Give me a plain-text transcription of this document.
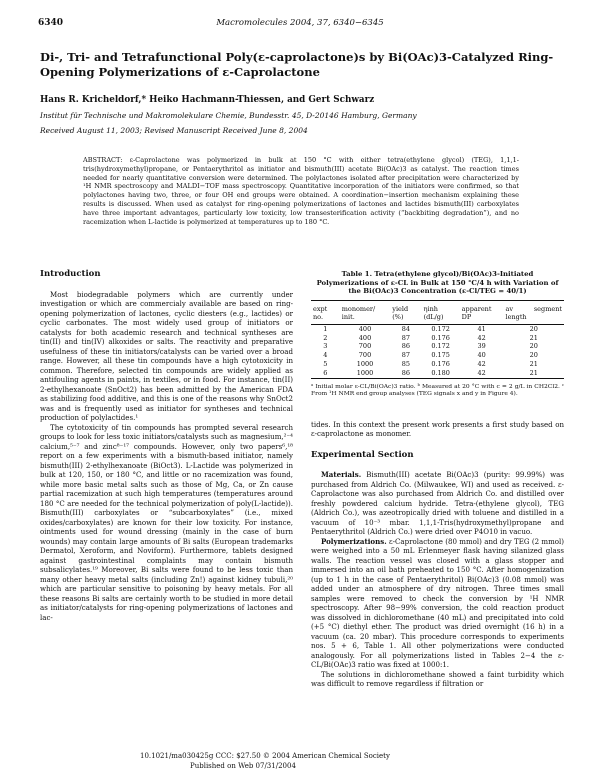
6340	Macromolecules 2004, 37, 6340−6345
Di-, Tri- and Tetrafunctional Poly(ε-caprolactone)s by Bi(OAc)3-Catalyzed Ring-Opening Polymerizations of ε-Caprolactone

Hans R. Kricheldorf,* Heiko Hachmann-Thiessen, and Gert Schwarz

Institut für Technische und Makromolekulare Chemie, Bundesstr. 45, D-20146 Hamburg, Germany

Received August 11, 2003; Revised Manuscript Received June 8, 2004

ABSTRACT: ε-Caprolactone was polymerized in bulk at 150 °C with either tetra(ethylene glycol) (TEG), 1,1,1-tris(hydroxymethyl)propane, or Pentaerythritol as initiator and bismuth(III) acetate Bi(OAc)3 as catalyst. The reaction times needed for nearly quantitative conversion were determined. The polylactones isolated after precipitation were characterized by ¹H NMR spectroscopy and MALDI−TOF mass spectroscopy. Quantitative incorporation of the initiators were confirmed, so that polylactones having two, three, or four OH end groups were obtained. A coordination−insertion mechanism explaining these results is discussed. When used as catalyst for ring-opening polymerizations of lactones and lactides bismuth(III) carboxylates have three important advantages, particularly low toxicity, low transesterification activity (“backbiting degradation”), and no racemization when L-lactide is polymerized at temperatures up to 180 °C.

Introduction

Most biodegradable polymers which are currently under investigation or which are commercialy available are based on ring-opening polymerization of lactones, cyclic diesters (e.g., lactides) or cyclic carbonates. The most widely used group of initiators or catalysts for both academic research and technical syntheses are tin(II) and tin(IV) alkoxides or salts. The reactivity and preparative usefulness of these tin initiators/catalysts can be varied over a broad range. However, all these tin compounds have a high cytotoxicity in common. Therefore, selected tin compounds are widely applied as antifouling agents in paints, in textiles, or in food. For instance, tin(II) 2-ethylhexanoate (SnOct2) has been admitted by the American FDA as stabilizing food additive, and this is one of the reasons why SnOct2 was and is frequently used as initiator for syntheses and technical production of polylactides.¹

The cytotoxicity of tin compounds has prompted several research groups to look for less toxic initiators/catalysts such as magnesium,²⁻⁴ calcium,⁵⁻⁷ and zinc⁸⁻¹⁷ compounds. However, only two papers⁶,¹⁸ report on a few experiments with a bismuth-based initiator, namely bismuth(III) 2-ethylhexanoate (BiOct3). L-Lactide was polymerized in bulk at 120, 150, or 180 °C, and little or no racemization was found, while more basic metal salts such as those of Mg, Ca, or Zn cause partial racemization at such high temperatures (temperatures around 180 °C are needed for the technical polymerization of poly(L-lactide)). Bismuth(III) carboxylates or “subcarboxylates” (i.e., mixed oxides/carboxylates) are known for their low toxicity. For instance, ointments used for wound dressing (mainly in the case of burn wounds) may contain large amounts of Bi salts (European trademarks Dermatol, Xeroform, and Noviform). Furthermore, tablets designed against gastrointestinal complaints may contain bismuth subsalicylates.¹⁹ Moreover, Bi salts were found to be less toxic than many other heavy metal salts (including Zn!) against kidney tubuli,²⁰ which are particular sensitive to poisoning by heavy metals. For all these reasons Bi salts are certainly worth to be studied in more detail as initiator/catalysts for ring-opening polymerizations of lactones and lac-

Table 1. Tetra(ethylene glycol)/Bi(OAc)3-Initiated Polymerizations of ε-CL in Bulk at 150 °C/4 h with Variation of the Bi(OAc)3 Concentration (ε-Cl/TEG = 40/1)
expt no.	monomer/ init.	yield (%)	ηinh (dL/g)	apparent DP	av segment length
1	400	84	0.172	41	20
2	400	87	0.176	42	21
3	700	86	0.172	39	20
4	700	87	0.175	40	20
5	1000	85	0.176	42	21
6	1000	86	0.180	42	21
ᵃ Initial molar ε-CL/Bi(OAc)3 ratio. ᵇ Measured at 20 °C with c = 2 g/L in CH2Cl2. ᶜ From ¹H NMR end group analyses (TEG signals x and y in Figure 4).

tides. In this context the present work presents a first study based on ε-caprolactone as monomer.

Experimental Section

Materials. Bismuth(III) acetate Bi(OAc)3 (purity: 99.99%) was purchased from Aldrich Co. (Milwaukee, WI) and used as received. ε-Caprolactone was also purchased from Aldrich Co. and distilled over freshly powdered calcium hydride. Tetra-(ethylene glycol), TEG (Aldrich Co.), was azeotropically dried with toluene and distilled in a vacuum of 10⁻³ mbar. 1,1,1-Tris(hydroxymethyl)propane and Pentaerythritol (Aldrich Co.) were dried over P4O10 in vacuo.

Polymerizations. ε-Caprolactone (80 mmol) and dry TEG (2 mmol) were weighed into a 50 mL Erlenmeyer flask having silanized glass walls. The reaction vessel was closed with a glass stopper and immersed into an oil bath preheated to 150 °C. After homogenization (up to 1 h in the case of Pentaerythritol) Bi(OAc)3 (0.08 mmol) was added under an atmosphere of dry nitrogen. Three times small samples were removed to check the conversion by ¹H NMR spectroscopy. After 98−99% conversion, the cold reaction product was dissolved in dichloromethane (40 mL) and precipitated into cold (+5 °C) diethyl ether. The product was dried overnight (16 h) in a vacuum (ca. 20 mbar). This procedure corresponds to experiments nos. 5 + 6, Table 1. All other polymerizations were conducted analogously. For all polymerizations listed in Tables 2−4 the ε-CL/Bi(OAc)3 ratio was fixed at 1000:1.

The solutions in dichloromethane showed a faint turbidity which was difficult to remove regardless if filtration or

10.1021/ma030425g CCC: $27.50 © 2004 American Chemical Society

Published on Web 07/31/2004
